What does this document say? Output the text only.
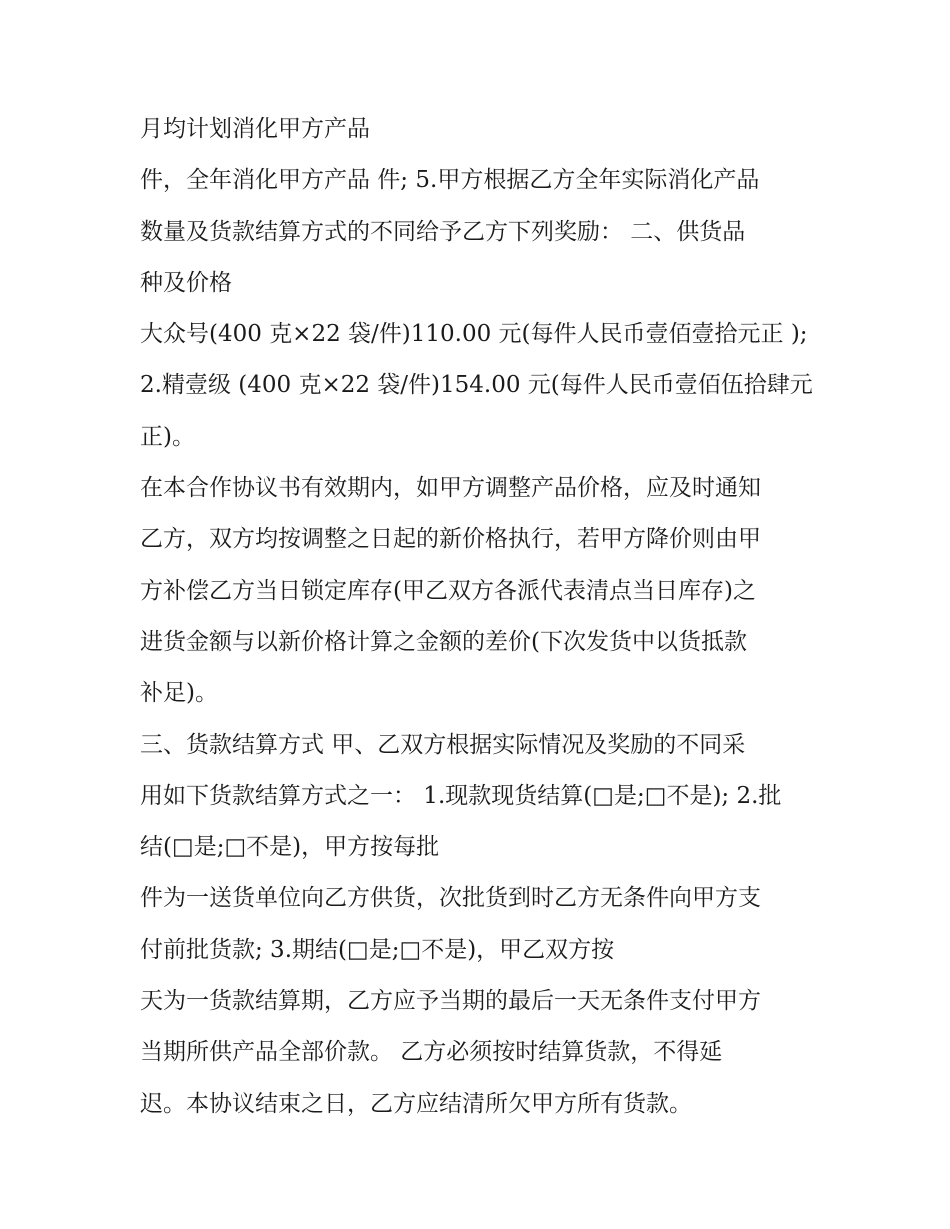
月均计划消化甲方产品
件，全年消化甲方产品 件; 5.甲方根据乙方全年实际消化产品
数量及货款结算方式的不同给予乙方下列奖励： 二、供货品
种及价格
大众号(400 克×22 袋/件)110.00 元(每件人民币壹佰壹拾元正 );
2.精壹级 (400 克×22 袋/件)154.00 元(每件人民币壹佰伍拾肆元
正)。
在本合作协议书有效期内，如甲方调整产品价格，应及时通知
乙方，双方均按调整之日起的新价格执行，若甲方降价则由甲
方补偿乙方当日锁定库存(甲乙双方各派代表清点当日库存)之
进货金额与以新价格计算之金额的差价(下次发货中以货抵款
补足)。
三、货款结算方式 甲、乙双方根据实际情况及奖励的不同采
用如下货款结算方式之一： 1.现款现货结算(□是;□不是); 2.批
结(□是;□不是)，甲方按每批
件为一送货单位向乙方供货，次批货到时乙方无条件向甲方支
付前批货款; 3.期结(□是;□不是)，甲乙双方按
天为一货款结算期，乙方应予当期的最后一天无条件支付甲方
当期所供产品全部价款。 乙方必须按时结算货款，不得延
迟。本协议结束之日，乙方应结清所欠甲方所有货款。
